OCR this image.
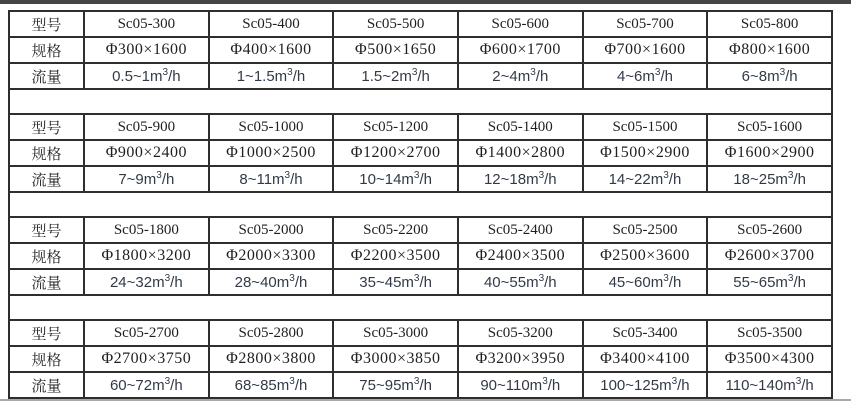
型号	Sc05-300	Sc05-400	Sc05-500	Sc05-600	Sc05-700	Sc05-800
规格	Φ300×1600	Φ400×1600	Φ500×1650	Φ600×1700	Φ700×1600	Φ800×1600
流量	$0.5\sim 1m^3/h$	$1\sim 1.5m^3/h$	$1.5\sim 2m^3/h$	$2\sim 4m^3/h$	$4\sim 6m^3/h$	$6\sim 8m^3/h$

型号	Sc05-900	Sc05-1000	Sc05-1200	Sc05-1400	Sc05-1500	Sc05-1600
规格	Φ900×2400	Φ1000×2500	Φ1200×2700	Φ1400×2800	Φ1500×2900	Φ1600×2900
流量	$7\sim 9m^3/h$	$8\sim 11m^3/h$	$10\sim 14m^3/h$	$12\sim 18m^3/h$	$14\sim 22m^3/h$	$18\sim 25m^3/h$

型号	Sc05-1800	Sc05-2000	Sc05-2200	Sc05-2400	Sc05-2500	Sc05-2600
规格	Φ1800×3200	Φ2000×3300	Φ2200×3500	Φ2400×3500	Φ2500×3600	Φ2600×3700
流量	$24\sim 32m^3/h$	$28\sim 40m^3/h$	$35\sim 45m^3/h$	$40\sim 55m^3/h$	$45\sim 60m^3/h$	$55\sim 65m^3/h$

型号	Sc05-2700	Sc05-2800	Sc05-3000	Sc05-3200	Sc05-3400	Sc05-3500
规格	Φ2700×3750	Φ2800×3800	Φ3000×3850	Φ3200×3950	Φ3400×4100	Φ3500×4300
流量	$60\sim 72m^3/h$	$68\sim 85m^3/h$	$75\sim 95m^3/h$	$90\sim 110m^3/h$	$100\sim 125m^3/h$	$110\sim 140m^3/h$
